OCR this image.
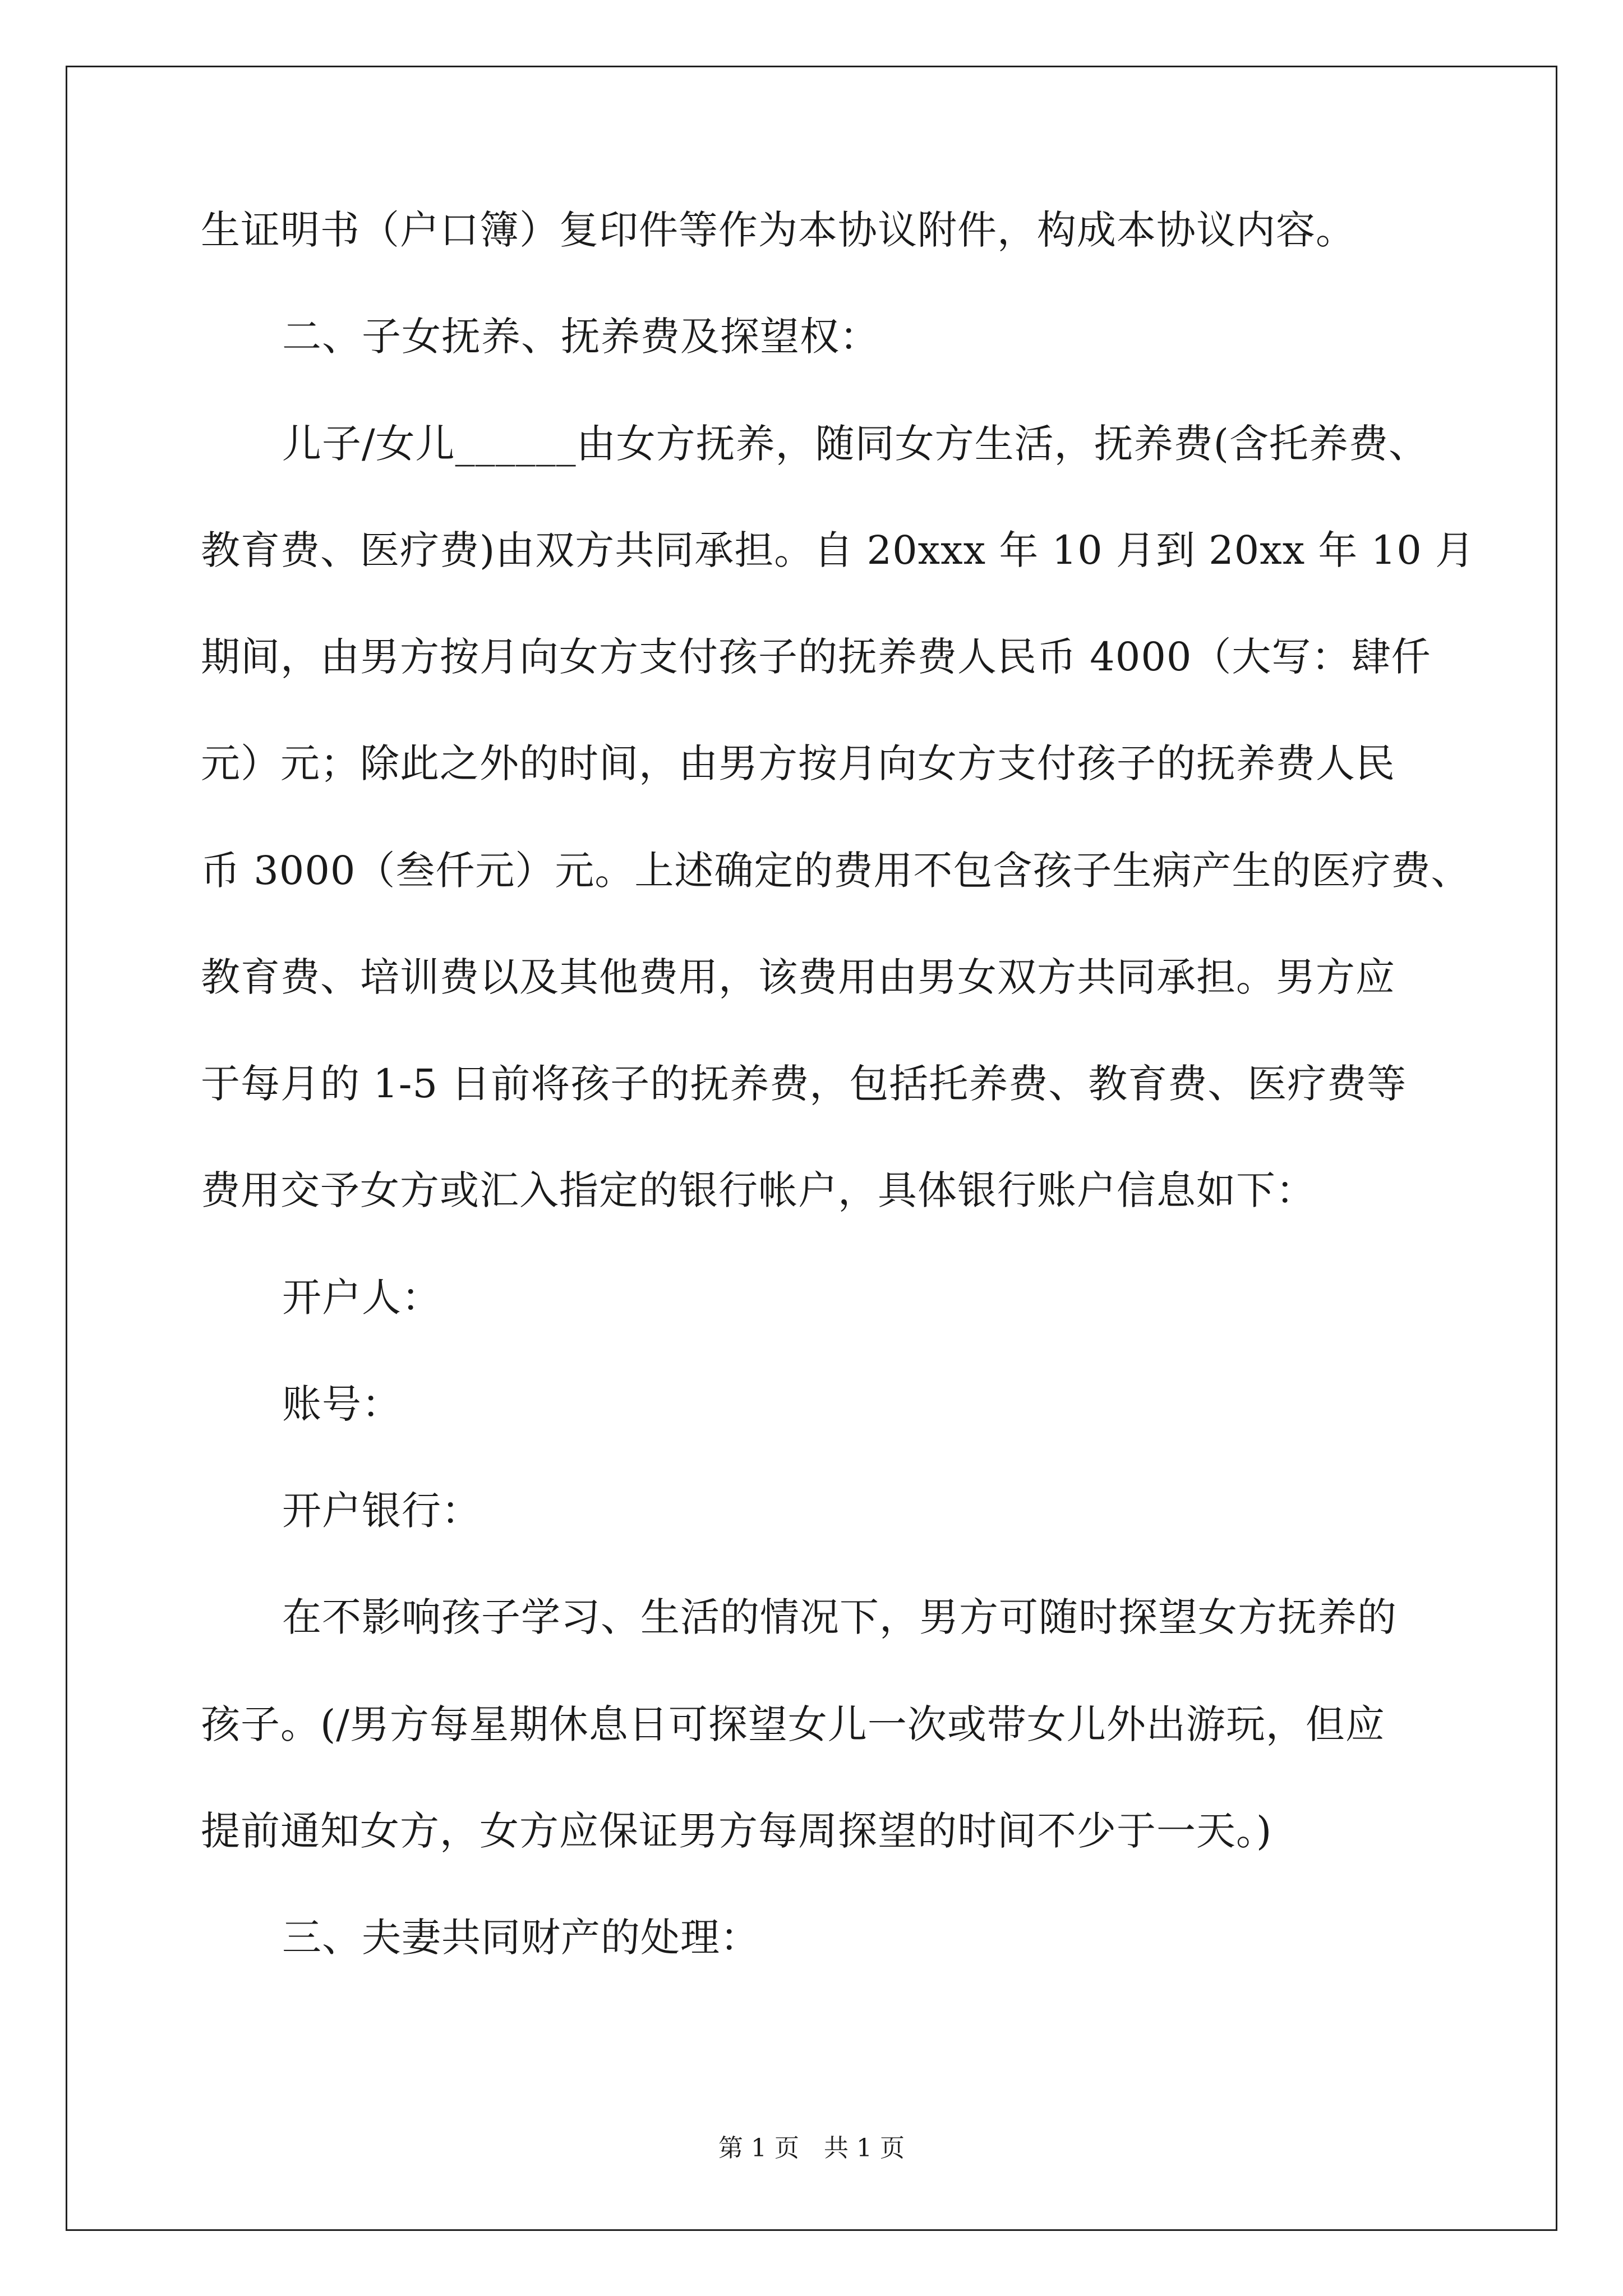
生证明书（户口簿）复印件等作为本协议附件，构成本协议内容。
二、子女抚养、抚养费及探望权：
儿子/女儿______由女方抚养，随同女方生活，抚养费(含托养费、
教育费、医疗费)由双方共同承担。自 20xxx 年 10 月到 20xx 年 10 月
期间，由男方按月向女方支付孩子的抚养费人民币 4000（大写：肆仟
元）元；除此之外的时间，由男方按月向女方支付孩子的抚养费人民
币 3000（叁仟元）元。上述确定的费用不包含孩子生病产生的医疗费、
教育费、培训费以及其他费用，该费用由男女双方共同承担。男方应
于每月的 1-5 日前将孩子的抚养费，包括托养费、教育费、医疗费等
费用交予女方或汇入指定的银行帐户，具体银行账户信息如下：
开户人：
账号：
开户银行：
在不影响孩子学习、生活的情况下，男方可随时探望女方抚养的
孩子。(/男方每星期休息日可探望女儿一次或带女儿外出游玩，但应
提前通知女方，女方应保证男方每周探望的时间不少于一天。)
三、夫妻共同财产的处理：
第 1 页　共 1 页
